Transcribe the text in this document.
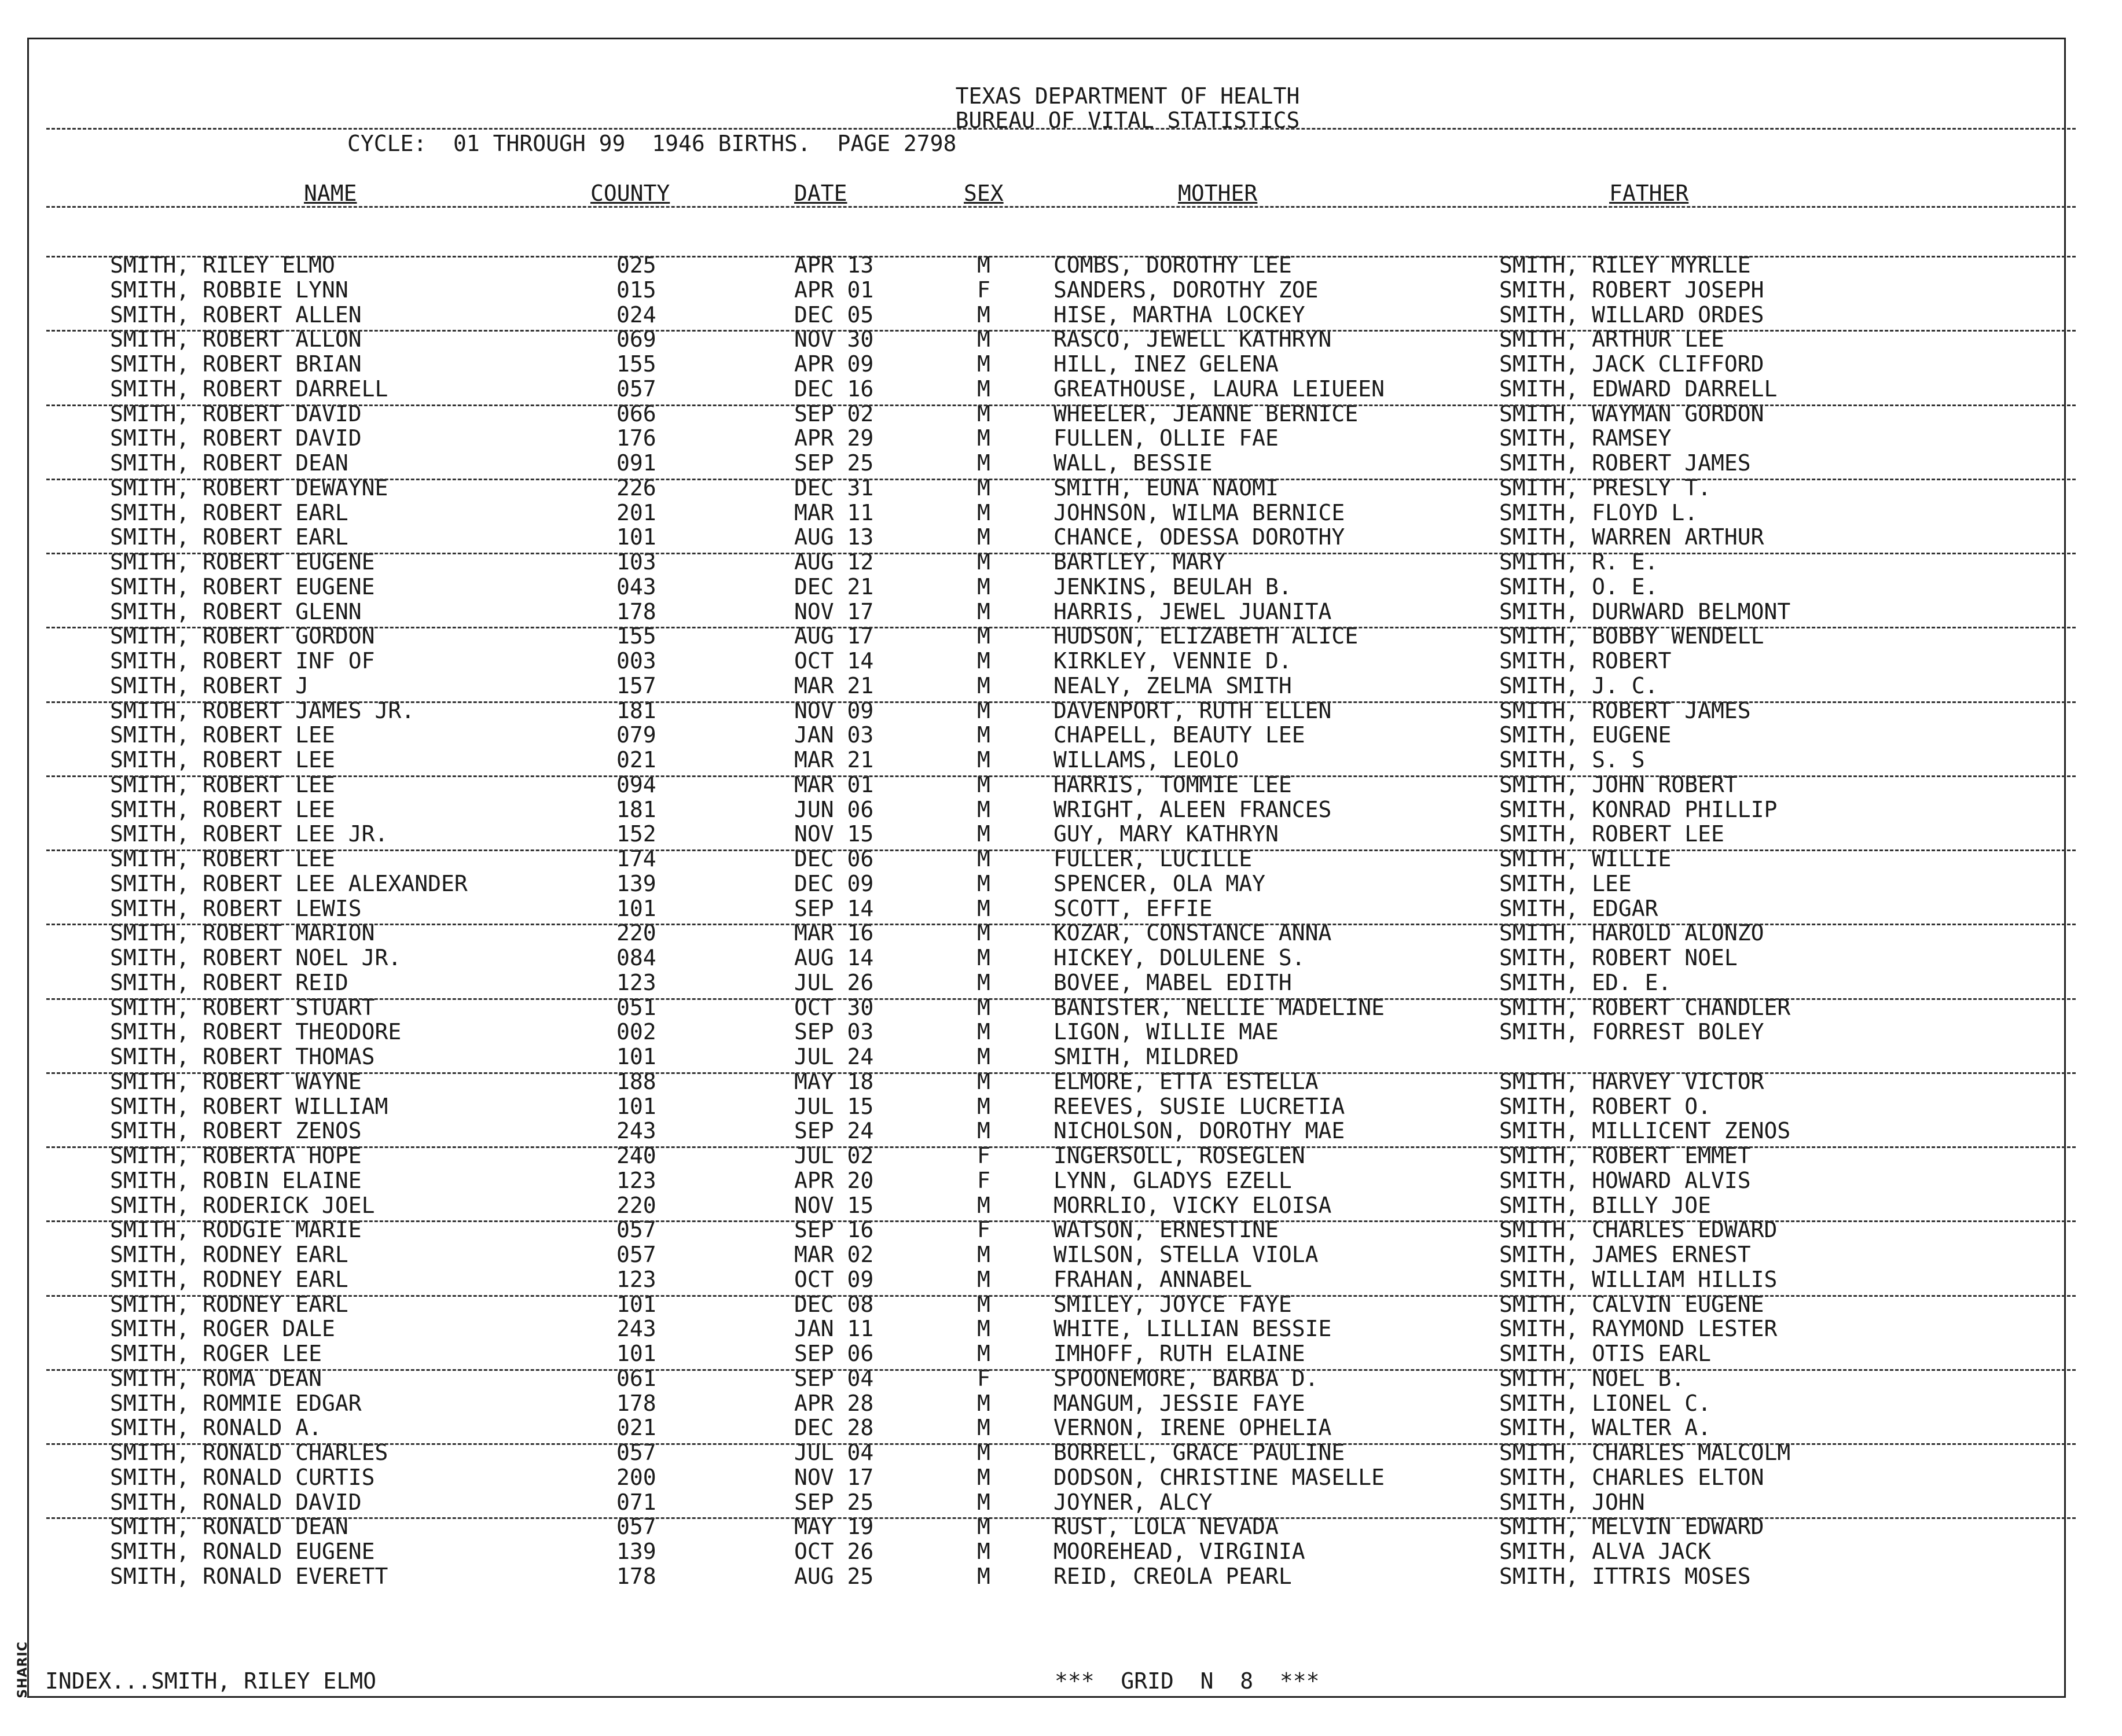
SHARIC
TEXAS DEPARTMENT OF HEALTH
BUREAU OF VITAL STATISTICS
CYCLE:  01 THROUGH 99  1946 BIRTHS.  PAGE 2798
NAME	COUNTY	DATE	SEX	MOTHER	FATHER
SMITH, RILEY ELMO	025	APR 13	M	COMBS, DOROTHY LEE	SMITH, RILEY MYRLLE
SMITH, ROBBIE LYNN	015	APR 01	F	SANDERS, DOROTHY ZOE	SMITH, ROBERT JOSEPH
SMITH, ROBERT ALLEN	024	DEC 05	M	HISE, MARTHA LOCKEY	SMITH, WILLARD ORDES
SMITH, ROBERT ALLON	069	NOV 30	M	RASCO, JEWELL KATHRYN	SMITH, ARTHUR LEE
SMITH, ROBERT BRIAN	155	APR 09	M	HILL, INEZ GELENA	SMITH, JACK CLIFFORD
SMITH, ROBERT DARRELL	057	DEC 16	M	GREATHOUSE, LAURA LEIUEEN	SMITH, EDWARD DARRELL
SMITH, ROBERT DAVID	066	SEP 02	M	WHEELER, JEANNE BERNICE	SMITH, WAYMAN GORDON
SMITH, ROBERT DAVID	176	APR 29	M	FULLEN, OLLIE FAE	SMITH, RAMSEY
SMITH, ROBERT DEAN	091	SEP 25	M	WALL, BESSIE	SMITH, ROBERT JAMES
SMITH, ROBERT DEWAYNE	226	DEC 31	M	SMITH, EUNA NAOMI	SMITH, PRESLY T.
SMITH, ROBERT EARL	201	MAR 11	M	JOHNSON, WILMA BERNICE	SMITH, FLOYD L.
SMITH, ROBERT EARL	101	AUG 13	M	CHANCE, ODESSA DOROTHY	SMITH, WARREN ARTHUR
SMITH, ROBERT EUGENE	103	AUG 12	M	BARTLEY, MARY	SMITH, R. E.
SMITH, ROBERT EUGENE	043	DEC 21	M	JENKINS, BEULAH B.	SMITH, O. E.
SMITH, ROBERT GLENN	178	NOV 17	M	HARRIS, JEWEL JUANITA	SMITH, DURWARD BELMONT
SMITH, ROBERT GORDON	155	AUG 17	M	HUDSON, ELIZABETH ALICE	SMITH, BOBBY WENDELL
SMITH, ROBERT INF OF	003	OCT 14	M	KIRKLEY, VENNIE D.	SMITH, ROBERT
SMITH, ROBERT J	157	MAR 21	M	NEALY, ZELMA SMITH	SMITH, J. C.
SMITH, ROBERT JAMES JR.	181	NOV 09	M	DAVENPORT, RUTH ELLEN	SMITH, ROBERT JAMES
SMITH, ROBERT LEE	079	JAN 03	M	CHAPELL, BEAUTY LEE	SMITH, EUGENE
SMITH, ROBERT LEE	021	MAR 21	M	WILLAMS, LEOLO	SMITH, S. S
SMITH, ROBERT LEE	094	MAR 01	M	HARRIS, TOMMIE LEE	SMITH, JOHN ROBERT
SMITH, ROBERT LEE	181	JUN 06	M	WRIGHT, ALEEN FRANCES	SMITH, KONRAD PHILLIP
SMITH, ROBERT LEE JR.	152	NOV 15	M	GUY, MARY KATHRYN	SMITH, ROBERT LEE
SMITH, ROBERT LEE	174	DEC 06	M	FULLER, LUCILLE	SMITH, WILLIE
SMITH, ROBERT LEE ALEXANDER	139	DEC 09	M	SPENCER, OLA MAY	SMITH, LEE
SMITH, ROBERT LEWIS	101	SEP 14	M	SCOTT, EFFIE	SMITH, EDGAR
SMITH, ROBERT MARION	220	MAR 16	M	KOZAR, CONSTANCE ANNA	SMITH, HAROLD ALONZO
SMITH, ROBERT NOEL JR.	084	AUG 14	M	HICKEY, DOLULENE S.	SMITH, ROBERT NOEL
SMITH, ROBERT REID	123	JUL 26	M	BOVEE, MABEL EDITH	SMITH, ED. E.
SMITH, ROBERT STUART	051	OCT 30	M	BANISTER, NELLIE MADELINE	SMITH, ROBERT CHANDLER
SMITH, ROBERT THEODORE	002	SEP 03	M	LIGON, WILLIE MAE	SMITH, FORREST BOLEY
SMITH, ROBERT THOMAS	101	JUL 24	M	SMITH, MILDRED
SMITH, ROBERT WAYNE	188	MAY 18	M	ELMORE, ETTA ESTELLA	SMITH, HARVEY VICTOR
SMITH, ROBERT WILLIAM	101	JUL 15	M	REEVES, SUSIE LUCRETIA	SMITH, ROBERT O.
SMITH, ROBERT ZENOS	243	SEP 24	M	NICHOLSON, DOROTHY MAE	SMITH, MILLICENT ZENOS
SMITH, ROBERTA HOPE	240	JUL 02	F	INGERSOLL, ROSEGLEN	SMITH, ROBERT EMMET
SMITH, ROBIN ELAINE	123	APR 20	F	LYNN, GLADYS EZELL	SMITH, HOWARD ALVIS
SMITH, RODERICK JOEL	220	NOV 15	M	MORRLIO, VICKY ELOISA	SMITH, BILLY JOE
SMITH, RODGIE MARIE	057	SEP 16	F	WATSON, ERNESTINE	SMITH, CHARLES EDWARD
SMITH, RODNEY EARL	057	MAR 02	M	WILSON, STELLA VIOLA	SMITH, JAMES ERNEST
SMITH, RODNEY EARL	123	OCT 09	M	FRAHAN, ANNABEL	SMITH, WILLIAM HILLIS
SMITH, RODNEY EARL	101	DEC 08	M	SMILEY, JOYCE FAYE	SMITH, CALVIN EUGENE
SMITH, ROGER DALE	243	JAN 11	M	WHITE, LILLIAN BESSIE	SMITH, RAYMOND LESTER
SMITH, ROGER LEE	101	SEP 06	M	IMHOFF, RUTH ELAINE	SMITH, OTIS EARL
SMITH, ROMA DEAN	061	SEP 04	F	SPOONEMORE, BARBA D.	SMITH, NOEL B.
SMITH, ROMMIE EDGAR	178	APR 28	M	MANGUM, JESSIE FAYE	SMITH, LIONEL C.
SMITH, RONALD A.	021	DEC 28	M	VERNON, IRENE OPHELIA	SMITH, WALTER A.
SMITH, RONALD CHARLES	057	JUL 04	M	BORRELL, GRACE PAULINE	SMITH, CHARLES MALCOLM
SMITH, RONALD CURTIS	200	NOV 17	M	DODSON, CHRISTINE MASELLE	SMITH, CHARLES ELTON
SMITH, RONALD DAVID	071	SEP 25	M	JOYNER, ALCY	SMITH, JOHN
SMITH, RONALD DEAN	057	MAY 19	M	RUST, LOLA NEVADA	SMITH, MELVIN EDWARD
SMITH, RONALD EUGENE	139	OCT 26	M	MOOREHEAD, VIRGINIA	SMITH, ALVA JACK
SMITH, RONALD EVERETT	178	AUG 25	M	REID, CREOLA PEARL	SMITH, ITTRIS MOSES
INDEX...SMITH, RILEY ELMO	***  GRID  N  8  ***
